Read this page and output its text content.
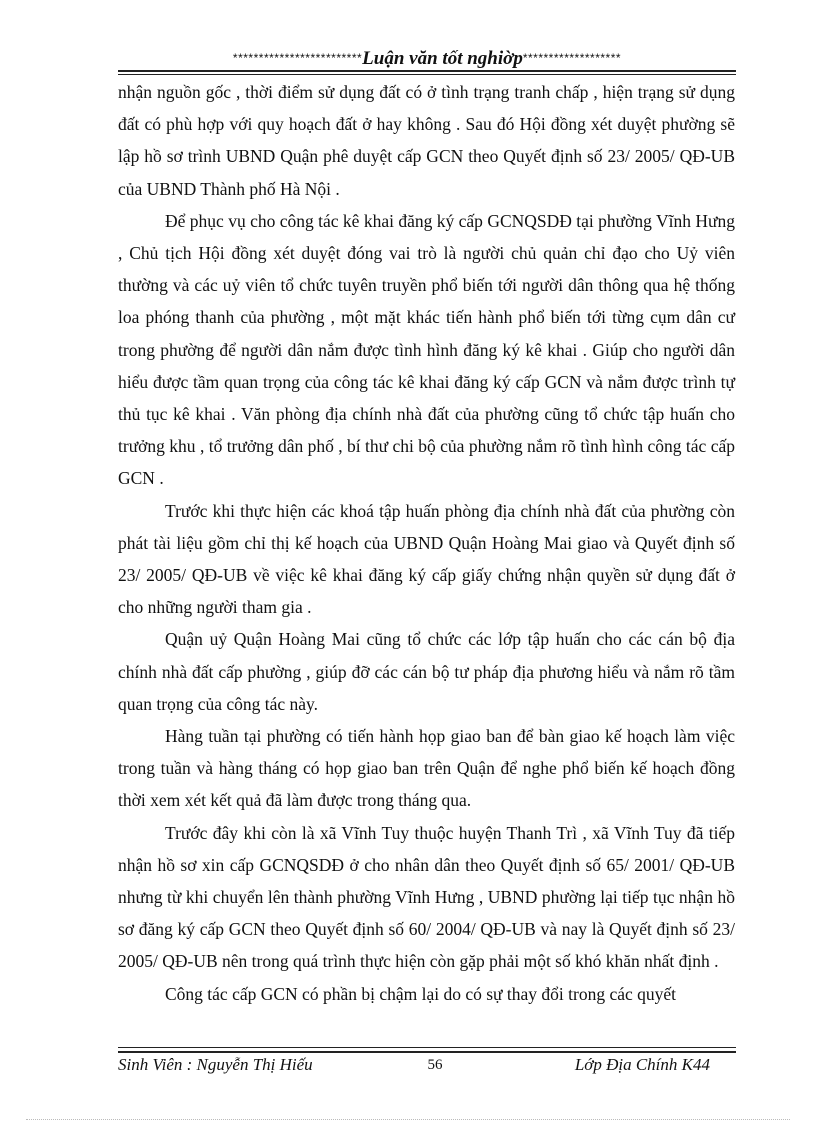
*************************Luận văn tốt nghiờp*******************

nhận nguồn gốc , thời điểm sử dụng đất có ở tình trạng tranh chấp , hiện trạng sử dụng đất có phù hợp với quy hoạch đất ở hay không . Sau đó Hội đồng xét duyệt phường sẽ lập hồ sơ trình UBND Quận phê duyệt cấp GCN theo Quyết định số 23/ 2005/ QĐ-UB của UBND Thành phố Hà Nội .

Để phục vụ cho công tác kê khai đăng ký cấp GCNQSDĐ tại phường Vĩnh Hưng , Chủ tịch Hội đồng xét duyệt đóng vai trò là người chủ quản chỉ đạo cho Uỷ viên thường và các uỷ viên tổ chức tuyên truyền phổ biến tới người dân thông qua hệ thống loa phóng thanh của phường , một mặt khác tiến hành phổ biến tới từng cụm dân cư trong phường để người dân nắm được tình hình đăng ký kê khai . Giúp cho người dân hiểu được tầm quan trọng của công tác kê khai đăng ký cấp GCN và nắm được trình tự thủ tục kê khai . Văn phòng địa chính nhà đất của phường cũng tổ chức tập huấn cho trưởng khu , tổ trưởng dân phố , bí thư chi bộ của phường nắm rõ tình hình công tác cấp GCN .

Trước khi thực hiện các khoá tập huấn phòng địa chính nhà đất của phường còn phát tài liệu gồm chỉ thị kế hoạch của UBND Quận Hoàng Mai giao và Quyết định số 23/ 2005/ QĐ-UB về việc kê khai đăng ký cấp giấy chứng nhận quyền sử dụng đất ở cho những người tham gia .

Quận uỷ Quận Hoàng Mai cũng tổ chức các lớp tập huấn cho các cán bộ địa chính nhà đất cấp phường , giúp đỡ các cán bộ tư pháp địa phương hiểu và nắm rõ tầm quan trọng của công tác này.

Hàng tuần tại phường có tiến hành họp giao ban để bàn giao kế hoạch làm việc trong tuần và hàng tháng có họp giao ban trên Quận để nghe phổ biến kế hoạch đồng thời xem xét kết quả đã làm được trong tháng qua.

Trước đây khi còn là xã Vĩnh Tuy thuộc huyện Thanh Trì , xã Vĩnh Tuy đã tiếp nhận hồ sơ xin cấp GCNQSDĐ ở cho nhân dân theo Quyết định số 65/ 2001/ QĐ-UB nhưng từ khi chuyển lên thành phường Vĩnh Hưng , UBND phường lại tiếp tục nhận hồ sơ đăng ký cấp GCN theo Quyết định số 60/ 2004/ QĐ-UB và nay là Quyết định số 23/ 2005/ QĐ-UB nên trong quá trình thực hiện còn gặp phải một số khó khăn nhất định .

Công tác cấp GCN có phần bị chậm lại do có sự thay đổi trong các quyết

Sinh Viên : Nguyễn Thị Hiếu	56	Lớp Địa Chính K44
